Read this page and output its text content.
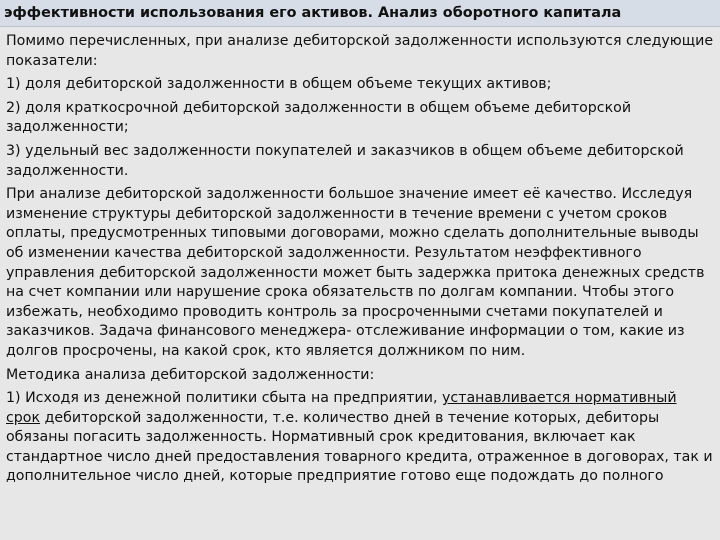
эффективности использования его активов. Анализ оборотного капитала

Помимо перечисленных, при анализе дебиторской задолженности используются следующие показатели:

1) доля дебиторской задолженности в общем объеме текущих активов;

2) доля краткосрочной дебиторской задолженности в общем объеме дебиторской задолженности;

3) удельный вес задолженности покупателей и заказчиков в общем объеме дебиторской задолженности.

При анализе дебиторской задолженности большое значение имеет её качество. Исследуя изменение структуры дебиторской задолженности в течение времени с учетом сроков оплаты, предусмотренных типовыми договорами, можно сделать дополнительные выводы об изменении качества дебиторской задолженности. Результатом неэффективного управления дебиторской задолженности может быть задержка притока денежных средств на счет компании или нарушение срока обязательств по долгам компании. Чтобы этого избежать, необходимо проводить контроль за просроченными счетами покупателей и заказчиков. Задача финансового менеджера- отслеживание информации о том, какие из долгов просрочены, на какой срок, кто является должником по ним.

Методика анализа дебиторской задолженности:

1) Исходя из денежной политики сбыта на предприятии, устанавливается нормативный срок дебиторской задолженности, т.е. количество дней в течение которых, дебиторы обязаны погасить задолженность. Нормативный срок кредитования, включает как стандартное число дней предоставления товарного кредита, отраженное в договорах, так и дополнительное число дней, которые предприятие готово еще подождать до полного
